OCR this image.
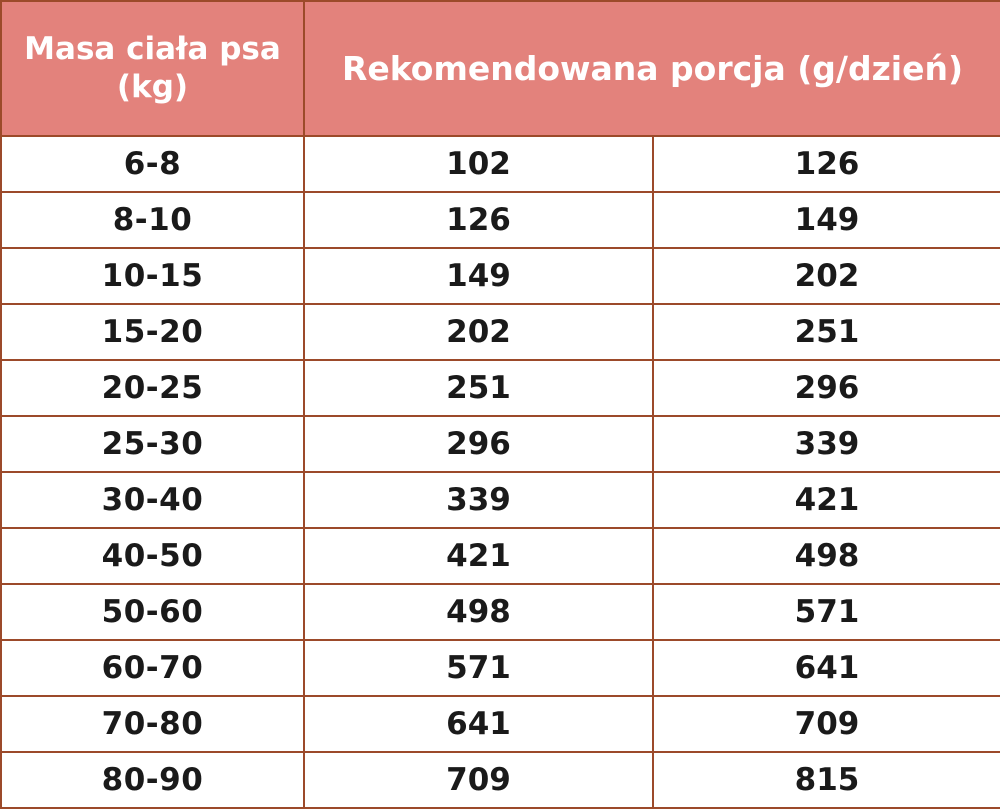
Masa ciała psa (kg)	Rekomendowana porcja (g/dzień)	
6-8	102	126
8-10	126	149
10-15	149	202
15-20	202	251
20-25	251	296
25-30	296	339
30-40	339	421
40-50	421	498
50-60	498	571
60-70	571	641
70-80	641	709
80-90	709	815
